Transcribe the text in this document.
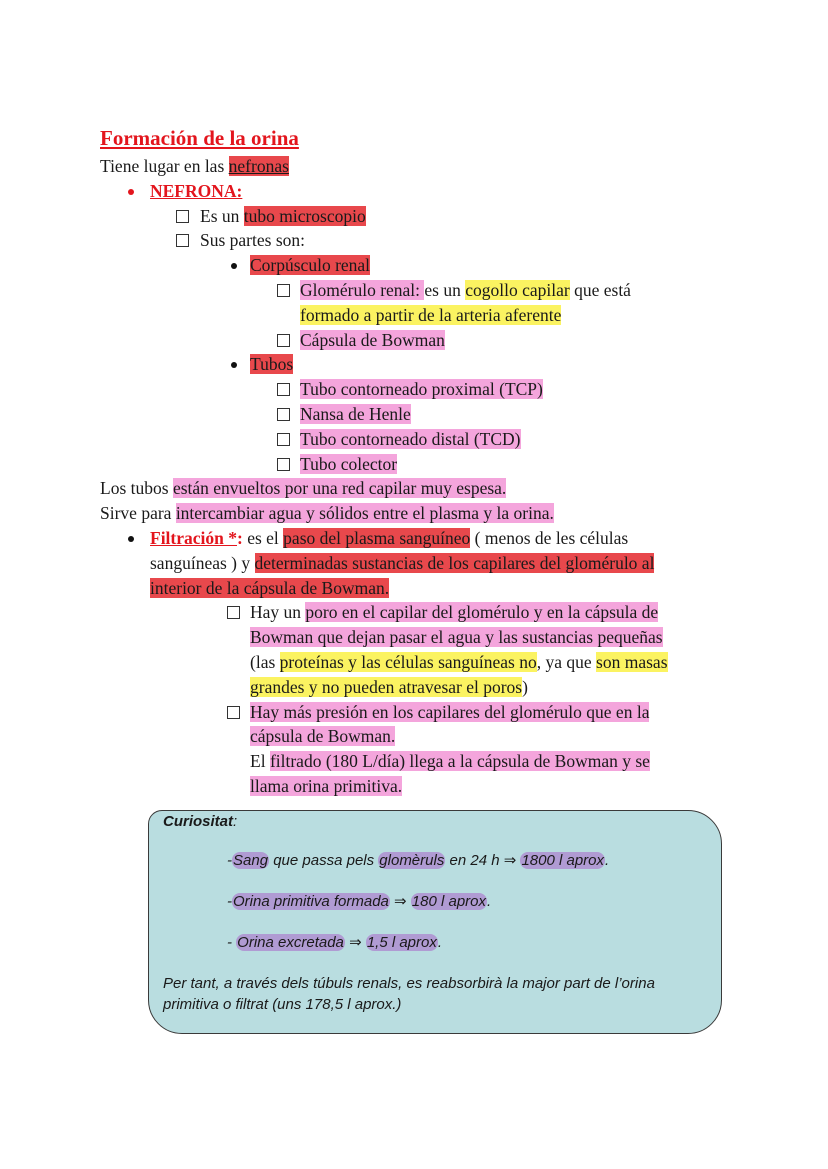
Formación de la orina
Tiene lugar en las nefronas
NEFRONA:
Es un tubo microscopio
Sus partes son:
Corpúsculo renal
Glomérulo renal: es un cogollo capilar que está
formado a partir de la arteria aferente
Cápsula de Bowman
Tubos
Tubo contorneado proximal (TCP)
Nansa de Henle
Tubo contorneado distal (TCD)
Tubo colector
Los tubos están envueltos por una red capilar muy espesa.
Sirve para intercambiar agua y sólidos entre el plasma y la orina.
Filtración *: es el paso del plasma sanguíneo ( menos de les células
sanguíneas ) y determinadas sustancias de los capilares del glomérulo al
interior de la cápsula de Bowman.
Hay un poro en el capilar del glomérulo y en la cápsula de
Bowman que dejan pasar el agua y las sustancias pequeñas
(las proteínas y las células sanguíneas no, ya que son masas
grandes y no pueden atravesar el poros)
Hay más presión en los capilares del glomérulo que en la
cápsula de Bowman.
El filtrado (180 L/día) llega a la cápsula de Bowman y se
llama orina primitiva.
Curiositat:
-Sang que passa pels glomèruls en 24 h ⇒ 1800 l aprox.
-Orina primitiva formada ⇒ 180 l aprox.
- Orina excretada ⇒ 1,5 l aprox.
Per tant, a través dels túbuls renals, es reabsorbirà la major part de l’orina
primitiva o filtrat (uns 178,5 l aprox.)
